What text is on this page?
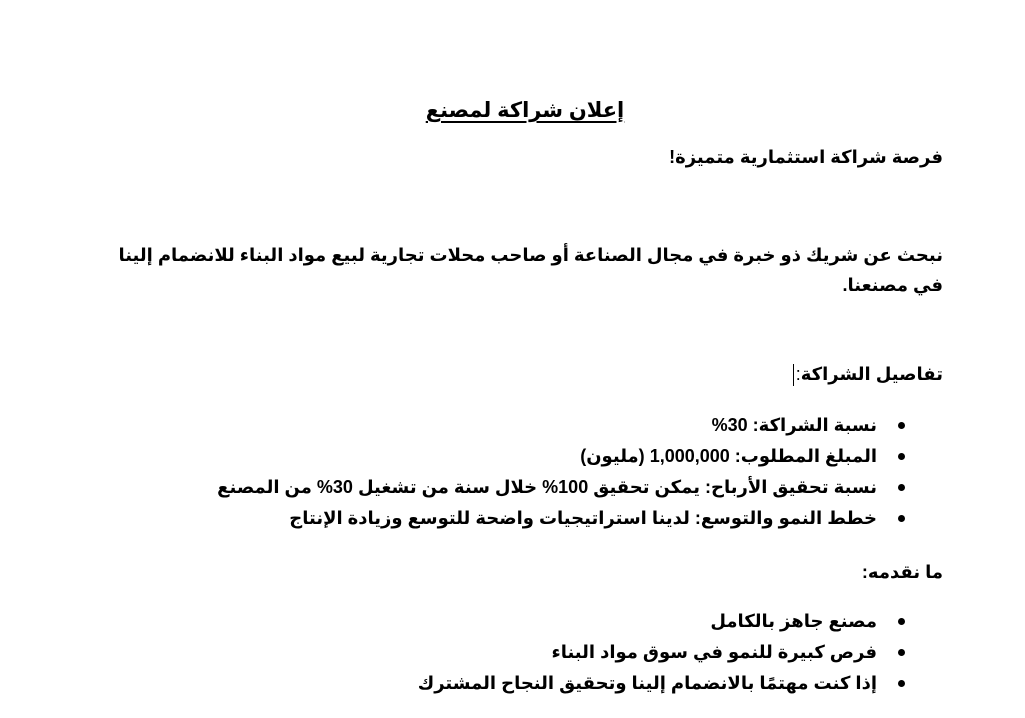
إعلان شراكة لمصنع

فرصة شراكة استثمارية متميزة!

نبحث عن شريك ذو خبرة في مجال الصناعة أو صاحب محلات تجارية لبيع مواد البناء للانضمام إلينا في مصنعنا.

تفاصيل الشراكة:

نسبة الشراكة: 30%
المبلغ المطلوب: 1,000,000 (مليون)
نسبة تحقيق الأرباح: يمكن تحقيق 100% خلال سنة من تشغيل 30% من المصنع
خطط النمو والتوسع: لدينا استراتيجيات واضحة للتوسع وزيادة الإنتاج

ما نقدمه:

مصنع جاهز بالكامل
فرص كبيرة للنمو في سوق مواد البناء
إذا كنت مهتمًا بالانضمام إلينا وتحقيق النجاح المشترك
